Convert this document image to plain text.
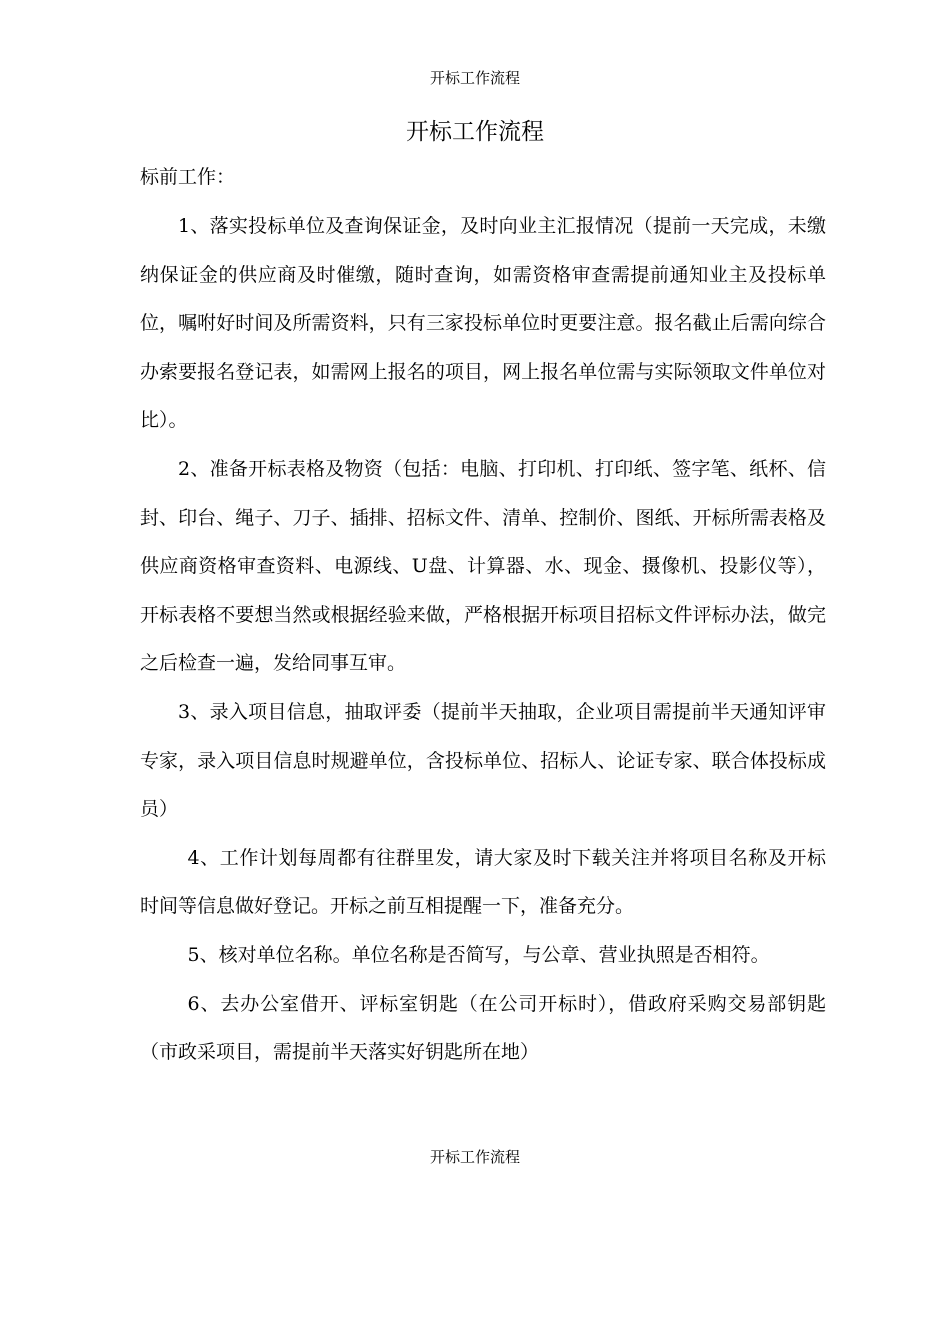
开标工作流程
开标工作流程
标前工作：

1、落实投标单位及查询保证金，及时向业主汇报情况（提前一天完成，未缴纳保证金的供应商及时催缴，随时查询，如需资格审查需提前通知业主及投标单位，嘱咐好时间及所需资料，只有三家投标单位时更要注意。报名截止后需向综合办索要报名登记表，如需网上报名的项目，网上报名单位需与实际领取文件单位对比）。

2、准备开标表格及物资（包括：电脑、打印机、打印纸、签字笔、纸杯、信封、印台、绳子、刀子、插排、招标文件、清单、控制价、图纸、开标所需表格及供应商资格审查资料、电源线、U盘、计算器、水、现金、摄像机、投影仪等），开标表格不要想当然或根据经验来做，严格根据开标项目招标文件评标办法，做完之后检查一遍，发给同事互审。

3、录入项目信息，抽取评委（提前半天抽取，企业项目需提前半天通知评审专家，录入项目信息时规避单位，含投标单位、招标人、论证专家、联合体投标成员）

4、工作计划每周都有往群里发，请大家及时下载关注并将项目名称及开标时间等信息做好登记。开标之前互相提醒一下，准备充分。

5、核对单位名称。单位名称是否简写，与公章、营业执照是否相符。

6、去办公室借开、评标室钥匙（在公司开标时），借政府采购交易部钥匙（市政采项目，需提前半天落实好钥匙所在地）

开标工作流程
